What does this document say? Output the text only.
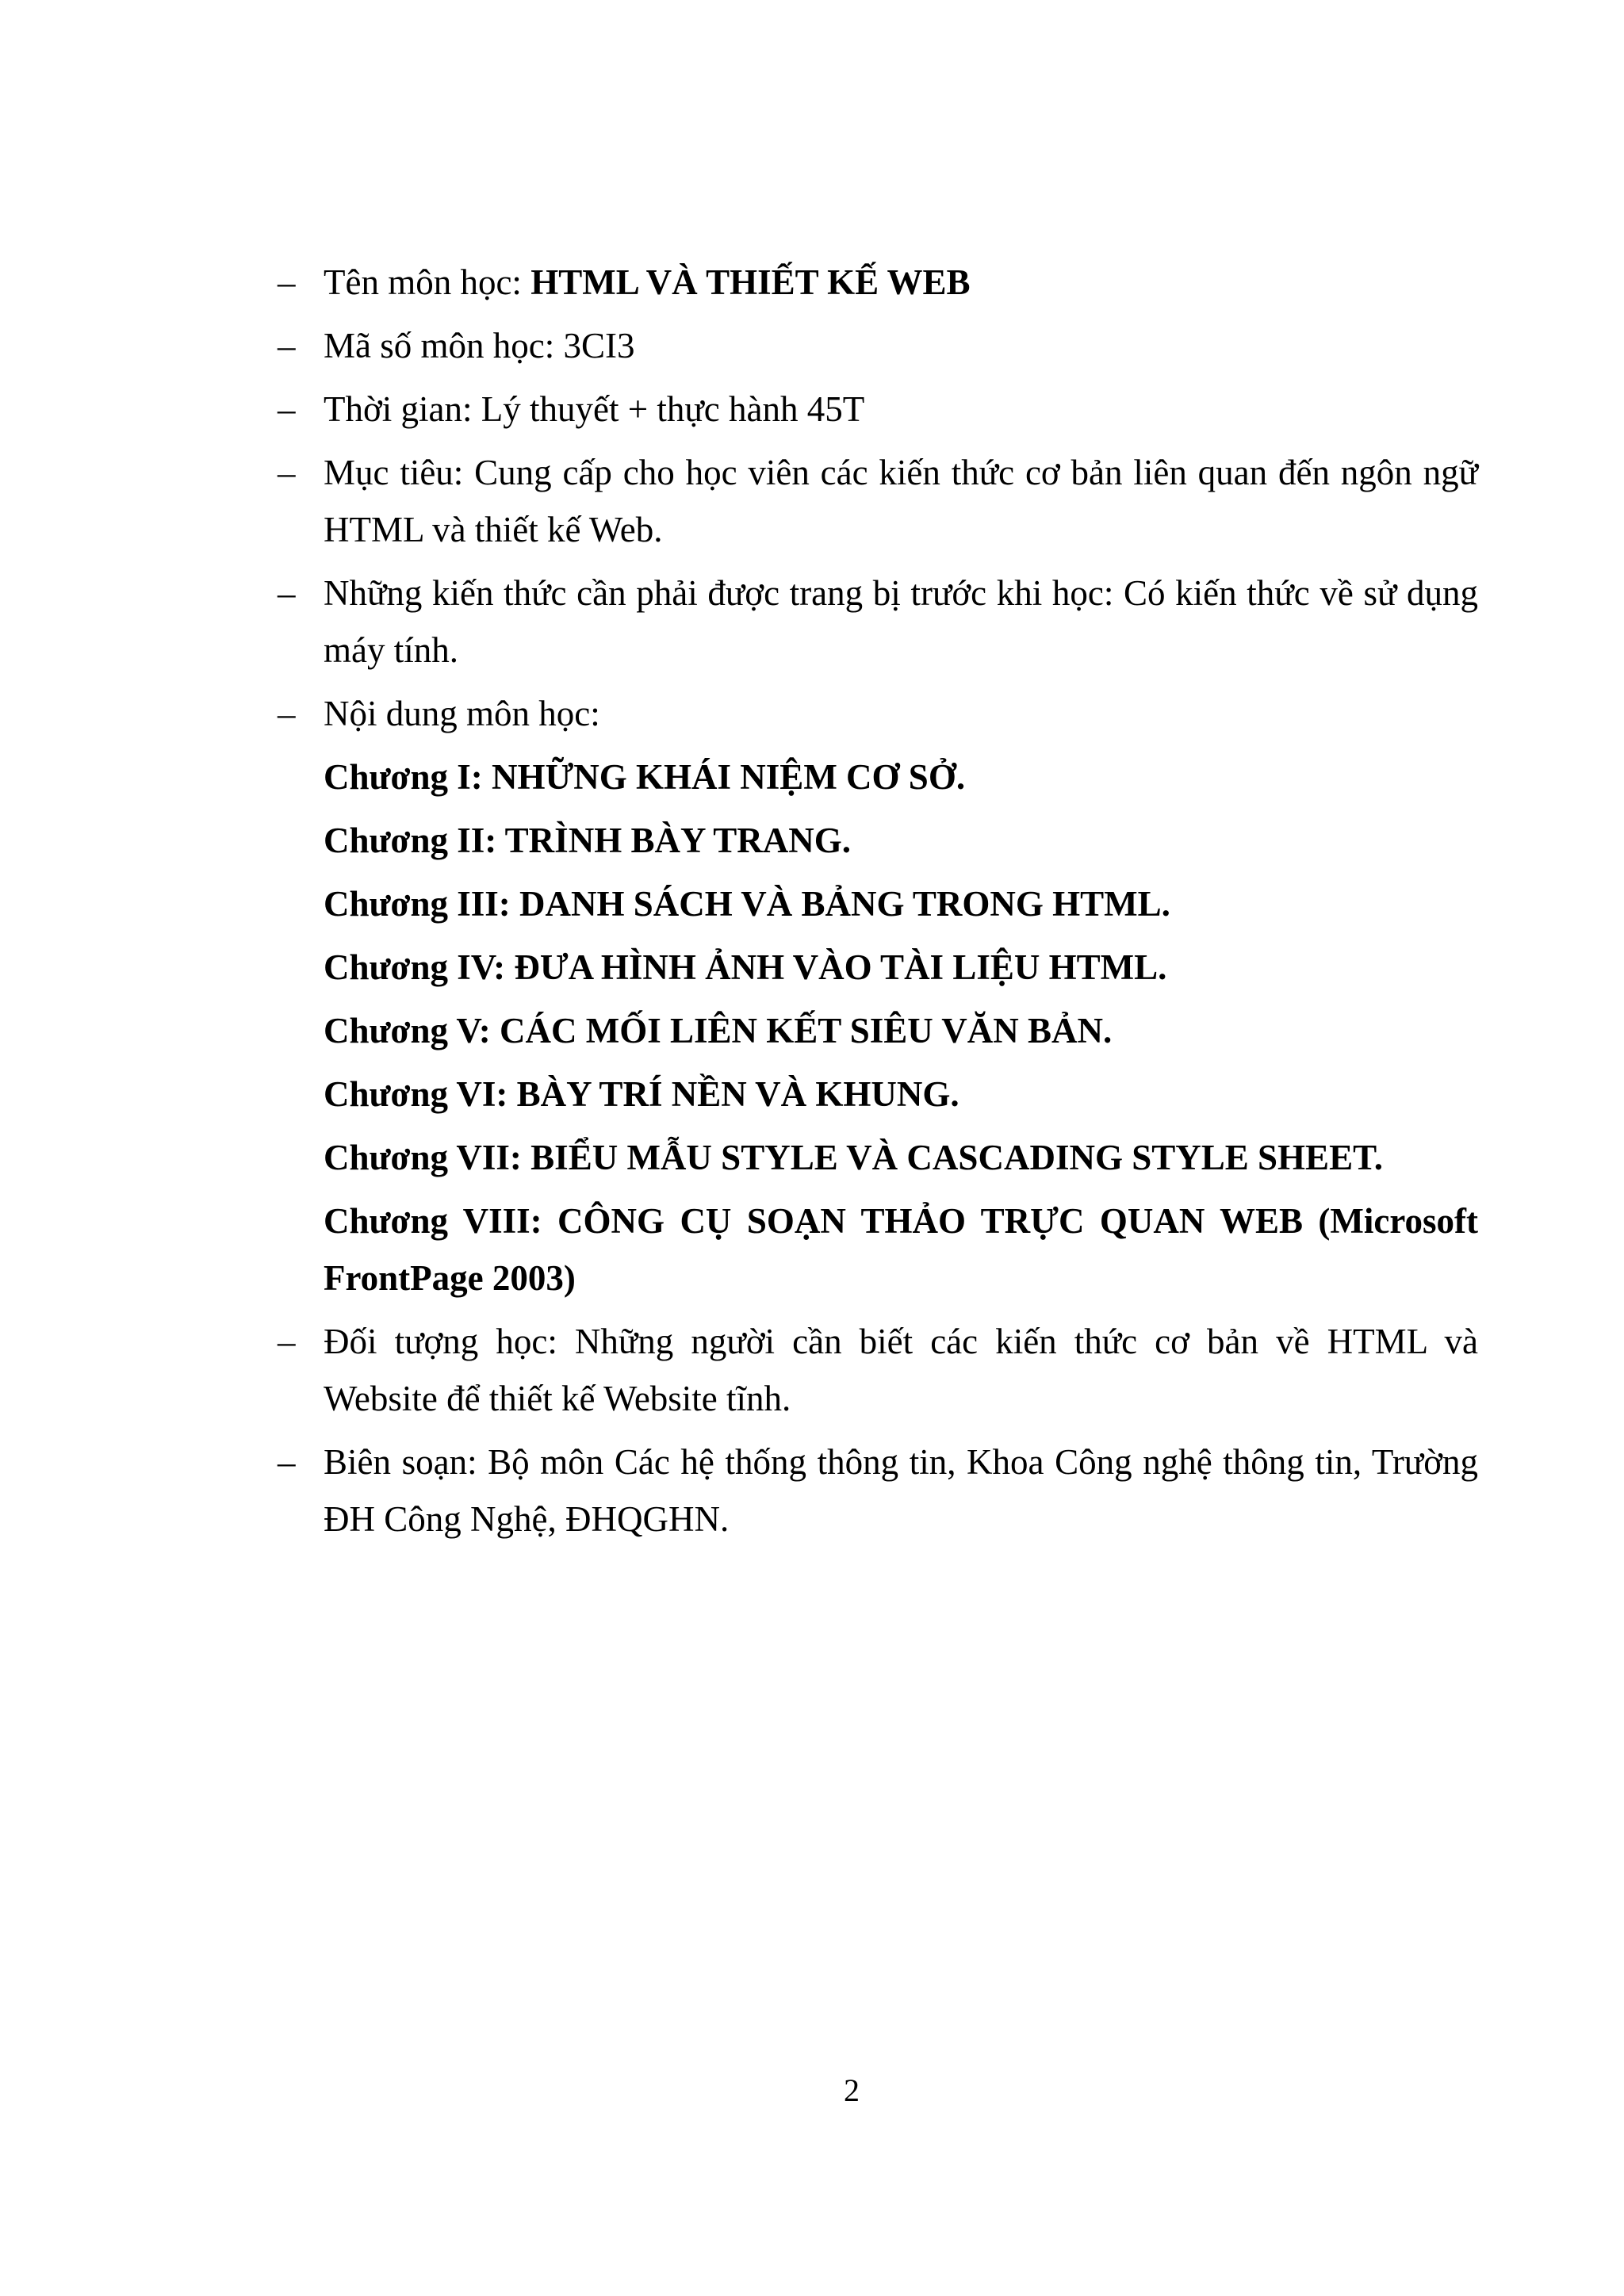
– Tên môn học: HTML VÀ THIẾT KẾ WEB
– Mã số môn học: 3CI3
– Thời gian: Lý thuyết + thực hành 45T
– Mục tiêu: Cung cấp cho học viên các kiến thức cơ bản liên quan đến ngôn ngữ HTML và thiết kế Web.
– Những kiến thức cần phải được trang bị trước khi học: Có kiến thức về sử dụng máy tính.
– Nội dung môn học:
Chương I: NHỮNG KHÁI NIỆM CƠ SỞ.
Chương II: TRÌNH BÀY TRANG.
Chương III: DANH SÁCH VÀ BẢNG TRONG HTML.
Chương IV: ĐƯA HÌNH ẢNH VÀO TÀI LIỆU HTML.
Chương V: CÁC MỐI LIÊN KẾT SIÊU VĂN BẢN.
Chương VI: BÀY TRÍ NỀN VÀ KHUNG.
Chương VII: BIỂU MẪU STYLE VÀ CASCADING STYLE SHEET.
Chương VIII: CÔNG CỤ SOẠN THẢO TRỰC QUAN WEB (Microsoft FrontPage 2003)
– Đối tượng học: Những người cần biết các kiến thức cơ bản về HTML và Website để thiết kế Website tĩnh.
– Biên soạn: Bộ môn Các hệ thống thông tin, Khoa Công nghệ thông tin, Trường ĐH Công Nghệ, ĐHQGHN.
2
